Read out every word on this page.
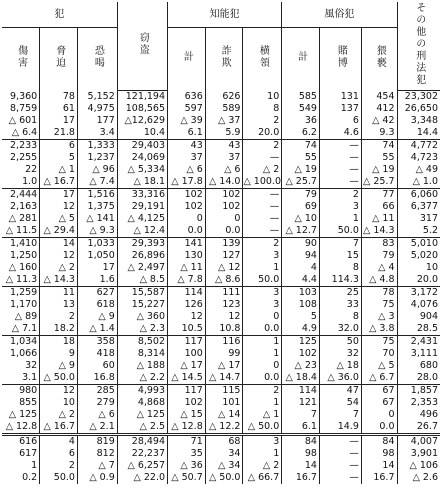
犯			窃盗	知能犯			風俗犯			その他の刑法犯
傷害	脅迫	恐喝		計	詐欺	横領	計	賭博	猥褻	
9,360	78	5,152	121,194	636	626	10	585	131	454	23,302
8,759	61	4,975	108,565	597	589	8	549	137	412	26,650
△ 601	17	177	△12,629	△ 39	△ 37	2	36	6	△ 42	3,348
△ 6.4	21.8	3.4	10.4	6.1	5.9	20.0	6.2	4.6	9.3	14.4
2,233	6	1,333	29,403	43	43	2	74	—	74	4,772
2,255	5	1,237	24,069	37	37	—	55	—	55	4,723
22	△ 1	△ 96	△ 5,334	△ 6	△ 6	△ 2	△ 19	—	△ 19	△ 49
1.0	△ 16.7	△ 7.4	△ 18.1	△ 17.8	△ 14.0	△ 100.0	△ 25.7	—	△ 25.7	△ 1.0
2,444	17	1,516	33,316	102	102	—	79	2	77	6,060
2,163	12	1,375	29,191	102	102	—	69	3	66	6,377
△ 281	△ 5	△ 141	△ 4,125	0	0	—	△ 10	1	△ 11	317
△ 11.5	△ 29.4	△ 9.3	△ 12.4	0.0	0.0	—	△ 12.7	50.0	△ 14.3	5.2
1,410	14	1,033	29,393	141	139	2	90	7	83	5,010
1,250	12	1,050	26,896	130	127	3	94	15	79	5,020
△ 160	△ 2	17	△ 2,497	△ 11	△ 12	1	4	8	△ 4	10
△ 11.3	△ 14.3	1.6	△ 8.5	△ 7.8	△ 8.6	50.0	4.4	114.3	△ 4.8	20.0
1,259	11	627	15,587	114	111	3	103	25	78	3,172
1,170	13	618	15,227	126	123	3	108	33	75	4,076
△ 89	2	△ 9	△ 360	12	12	0	5	8	△ 3	904
△ 7.1	18.2	△ 1.4	△ 2.3	10.5	10.8	0.0	4.9	32.0	△ 3.8	28.5
1,034	18	358	8,502	117	116	1	125	50	75	2,431
1,066	9	418	8,314	100	99	1	102	32	70	3,111
32	△ 9	60	△ 188	△ 17	△ 17	0	△ 23	△ 18	△ 5	680
3.1	△ 50.0	16.8	△ 2.2	△ 14.5	△ 14.7	0.0	△ 18.4	△ 36.0	△ 6.7	28.0
980	12	285	4,993	117	115	2	114	47	67	1,857
855	10	279	4,868	102	101	1	121	54	67	2,353
△ 125	△ 2	△ 6	△ 125	△ 15	△ 14	△ 1	7	7	0	496
△ 12.8	△ 16.7	△ 2.1	△ 2.5	△ 12.8	△ 12.2	△ 50.0	6.1	14.9	0.0	26.7
616	4	819	28,494	71	68	3	84	—	84	4,007
617	6	812	22,237	35	34	1	98	—	98	3,901
1	2	△ 7	△ 6,257	△ 36	△ 34	△ 2	14	—	14	△ 106
0.2	50.0	△ 0.9	△ 22.0	△ 50.7	△ 50.0	△ 66.7	16.7	—	16.7	△ 2.6
